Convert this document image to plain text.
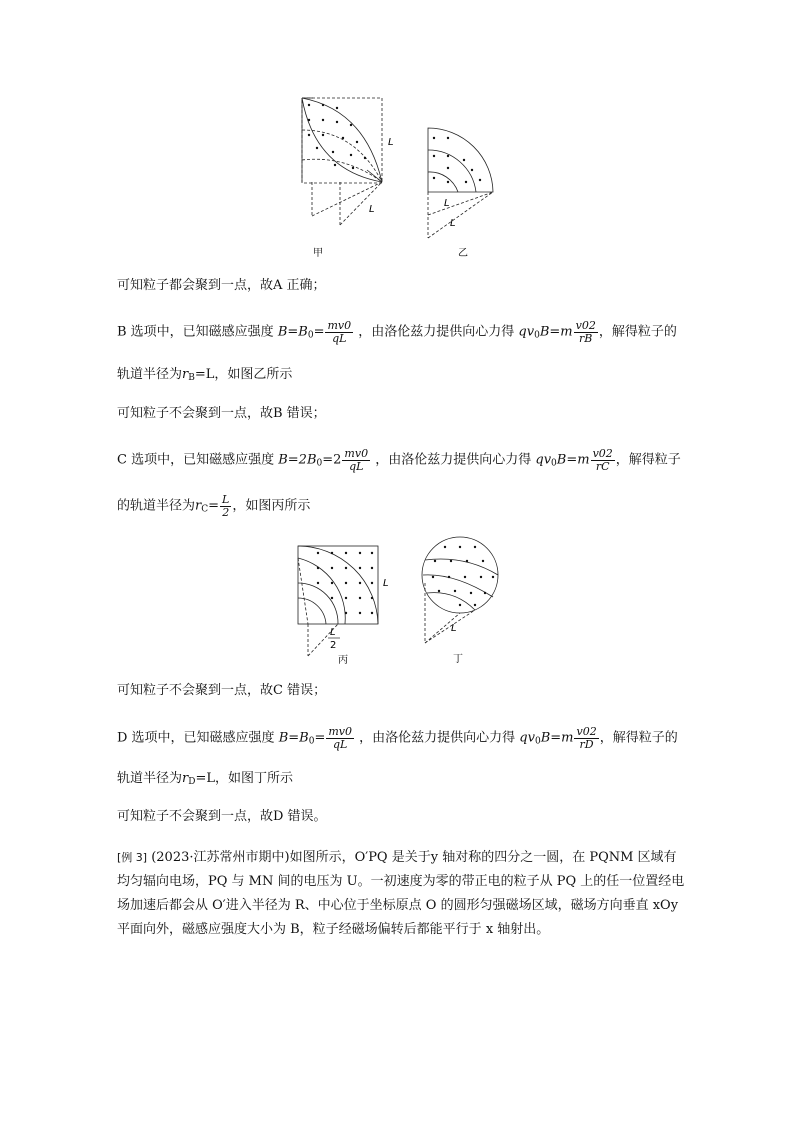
L
L
甲
L
L
乙
可知粒子都会聚到一点，故A 正确；
B 选项中，已知磁感应强度 $B=B_0= \frac{mv0}{qL}$ ，由洛伦兹力提供向心力得 $qv_0B=m \frac{v02}{rB}$ ，解得粒子的
轨道半径为$r_B=L$，如图乙所示
可知粒子不会聚到一点，故B 错误；
C 选项中，已知磁感应强度 $B=2B_0=2 \frac{mv0}{qL}$ ，由洛伦兹力提供向心力得 $qv_0B=m \frac{v02}{rC}$ ，解得粒子
的轨道半径为$r_C= \frac{L}{2}$ ，如图丙所示
L
L
2
丙
L
丁
可知粒子不会聚到一点，故C 错误；
D 选项中，已知磁感应强度 $B=B_0= \frac{mv0}{qL}$ ，由洛伦兹力提供向心力得 $qv_0B=m \frac{v02}{rD}$ ，解得粒子的
轨道半径为$r_D=L$，如图丁所示
可知粒子不会聚到一点，故D 错误。
[例 3] (2023·江苏常州市期中)如图所示，O′PQ 是关于y 轴对称的四分之一圆，在 PQNM 区域有均匀辐向电场，PQ 与 MN 间的电压为 U。一初速度为零的带正电的粒子从 PQ 上的任一位置经电场加速后都会从 O′进入半径为 R、中心位于坐标原点 O 的圆形匀强磁场区域，磁场方向垂直 xOy 平面向外，磁感应强度大小为 B，粒子经磁场偏转后都能平行于 x 轴射出。
